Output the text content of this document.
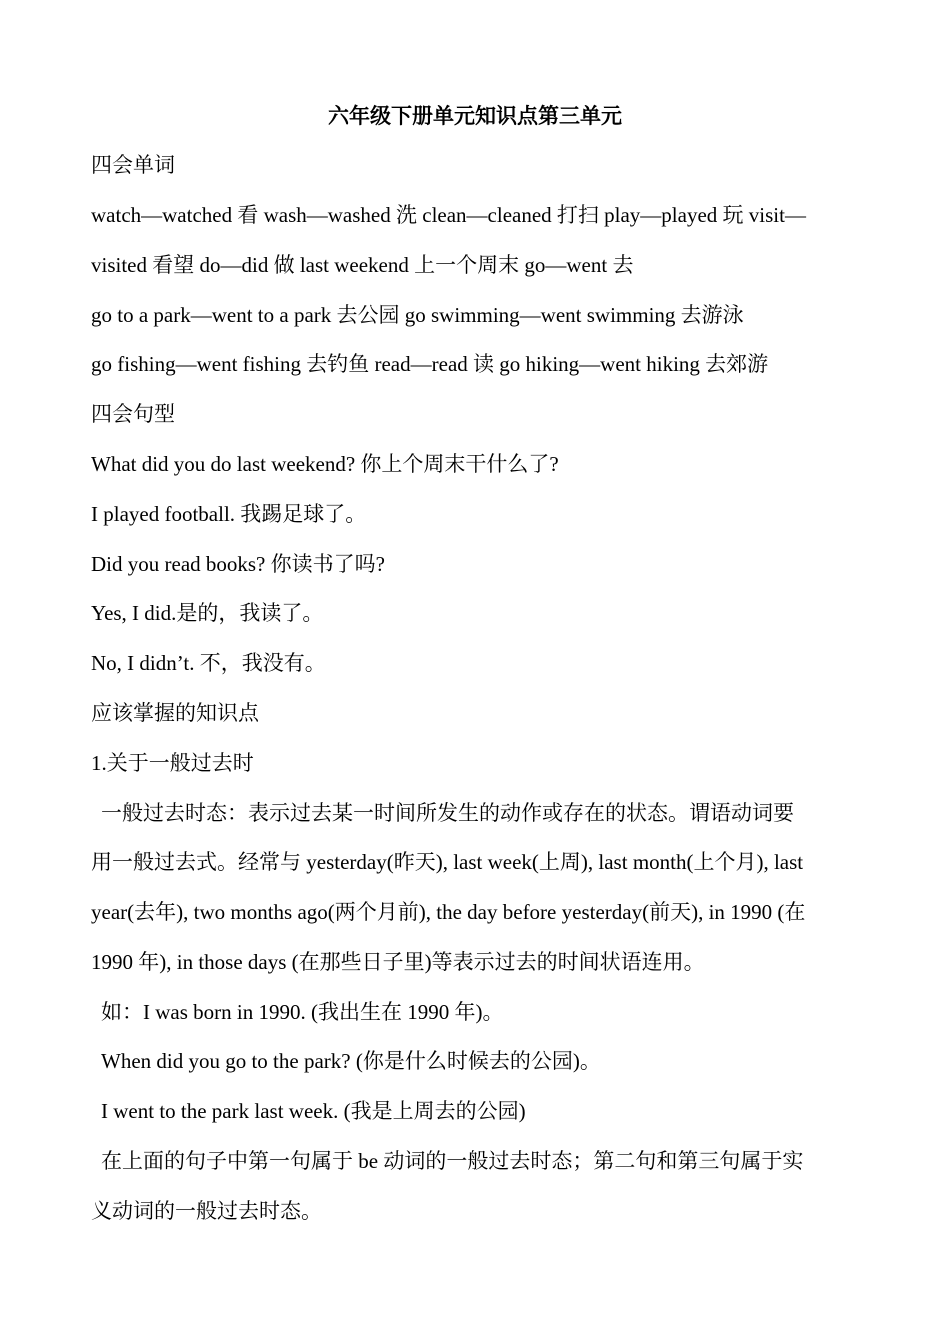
六年级下册单元知识点第三单元
四会单词
watch—watched 看 wash—washed 洗 clean—cleaned 打扫 play—played 玩 visit—
visited 看望 do—did 做 last weekend 上一个周末 go—went 去
go to a park—went to a park 去公园 go swimming—went swimming 去游泳
go fishing—went fishing 去钓鱼 read—read 读 go hiking—went hiking 去郊游
四会句型
What did you do last weekend? 你上个周末干什么了?
I played football. 我踢足球了。
Did you read books? 你读书了吗?
Yes, I did.是的，我读了。
No, I didn’t. 不，我没有。
应该掌握的知识点
1.关于一般过去时
一般过去时态：表示过去某一时间所发生的动作或存在的状态。谓语动词要
用一般过去式。经常与 yesterday(昨天), last week(上周), last month(上个月), last
year(去年), two months ago(两个月前), the day before yesterday(前天), in 1990 (在
1990 年), in those days (在那些日子里)等表示过去的时间状语连用。
如：I was born in 1990. (我出生在 1990 年)。
When did you go to the park? (你是什么时候去的公园)。
I went to the park last week. (我是上周去的公园)
在上面的句子中第一句属于 be 动词的一般过去时态；第二句和第三句属于实
义动词的一般过去时态。
